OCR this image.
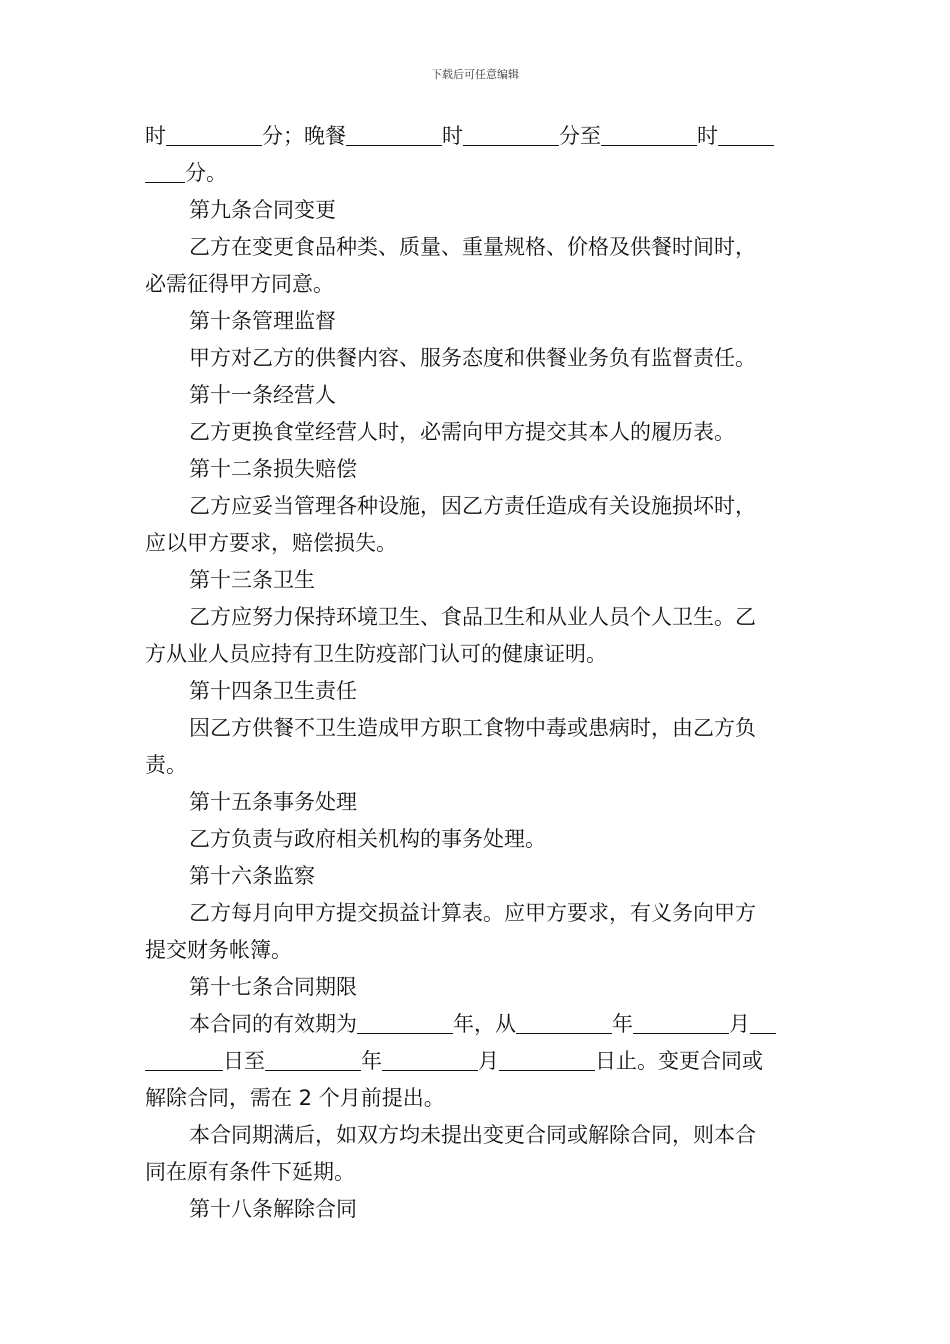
下载后可任意编辑
时	分；晚餐	时	分至	时
分。
第九条合同变更
乙方在变更食品种类、质量、重量规格、价格及供餐时间时，
必需征得甲方同意。
第十条管理监督
甲方对乙方的供餐内容、服务态度和供餐业务负有监督责任。
第十一条经营人
乙方更换食堂经营人时，必需向甲方提交其本人的履历表。
第十二条损失赔偿
乙方应妥当管理各种设施，因乙方责任造成有关设施损坏时，
应以甲方要求，赔偿损失。
第十三条卫生
乙方应努力保持环境卫生、食品卫生和从业人员个人卫生。乙
方从业人员应持有卫生防疫部门认可的健康证明。
第十四条卫生责任
因乙方供餐不卫生造成甲方职工食物中毒或患病时，由乙方负
责。
第十五条事务处理
乙方负责与政府相关机构的事务处理。
第十六条监察
乙方每月向甲方提交损益计算表。应甲方要求，有义务向甲方
提交财务帐簿。
第十七条合同期限
本合同的有效期为	年，从	年	月
日至	年	月	日止。变更合同或
解除合同，需在 2 个月前提出。
本合同期满后，如双方均未提出变更合同或解除合同，则本合
同在原有条件下延期。
第十八条解除合同
